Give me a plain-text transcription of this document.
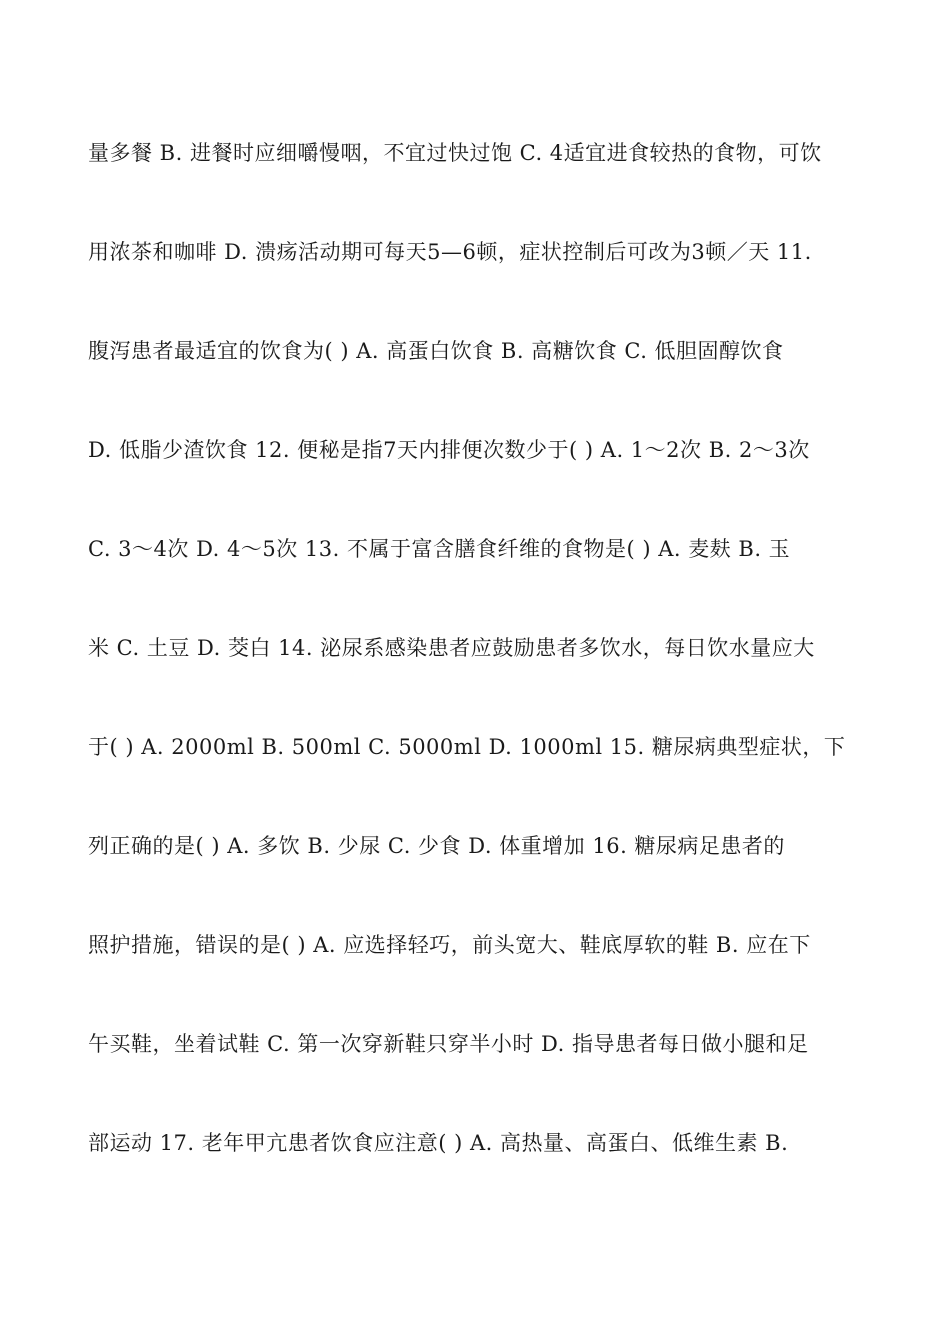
量多餐 B. 进餐时应细嚼慢咽，不宜过快过饱 C. 4适宜进食较热的食物，可饮
用浓茶和咖啡 D. 溃疡活动期可每天5—6顿，症状控制后可改为3顿／天 11.
腹泻患者最适宜的饮食为( ) A. 高蛋白饮食 B. 高糖饮食 C. 低胆固醇饮食
D. 低脂少渣饮食 12. 便秘是指7天内排便次数少于( ) A. 1～2次 B. 2～3次
C. 3～4次 D. 4～5次 13. 不属于富含膳食纤维的食物是( ) A. 麦麸 B. 玉
米 C. 土豆 D. 茭白 14. 泌尿系感染患者应鼓励患者多饮水，每日饮水量应大
于( ) A. 2000ml B. 500ml C. 5000ml D. 1000ml 15. 糖尿病典型症状，下
列正确的是( ) A. 多饮 B. 少尿 C. 少食 D. 体重增加 16. 糖尿病足患者的
照护措施，错误的是( ) A. 应选择轻巧，前头宽大、鞋底厚软的鞋 B. 应在下
午买鞋，坐着试鞋 C. 第一次穿新鞋只穿半小时 D. 指导患者每日做小腿和足
部运动 17. 老年甲亢患者饮食应注意( ) A. 高热量、高蛋白、低维生素 B.
